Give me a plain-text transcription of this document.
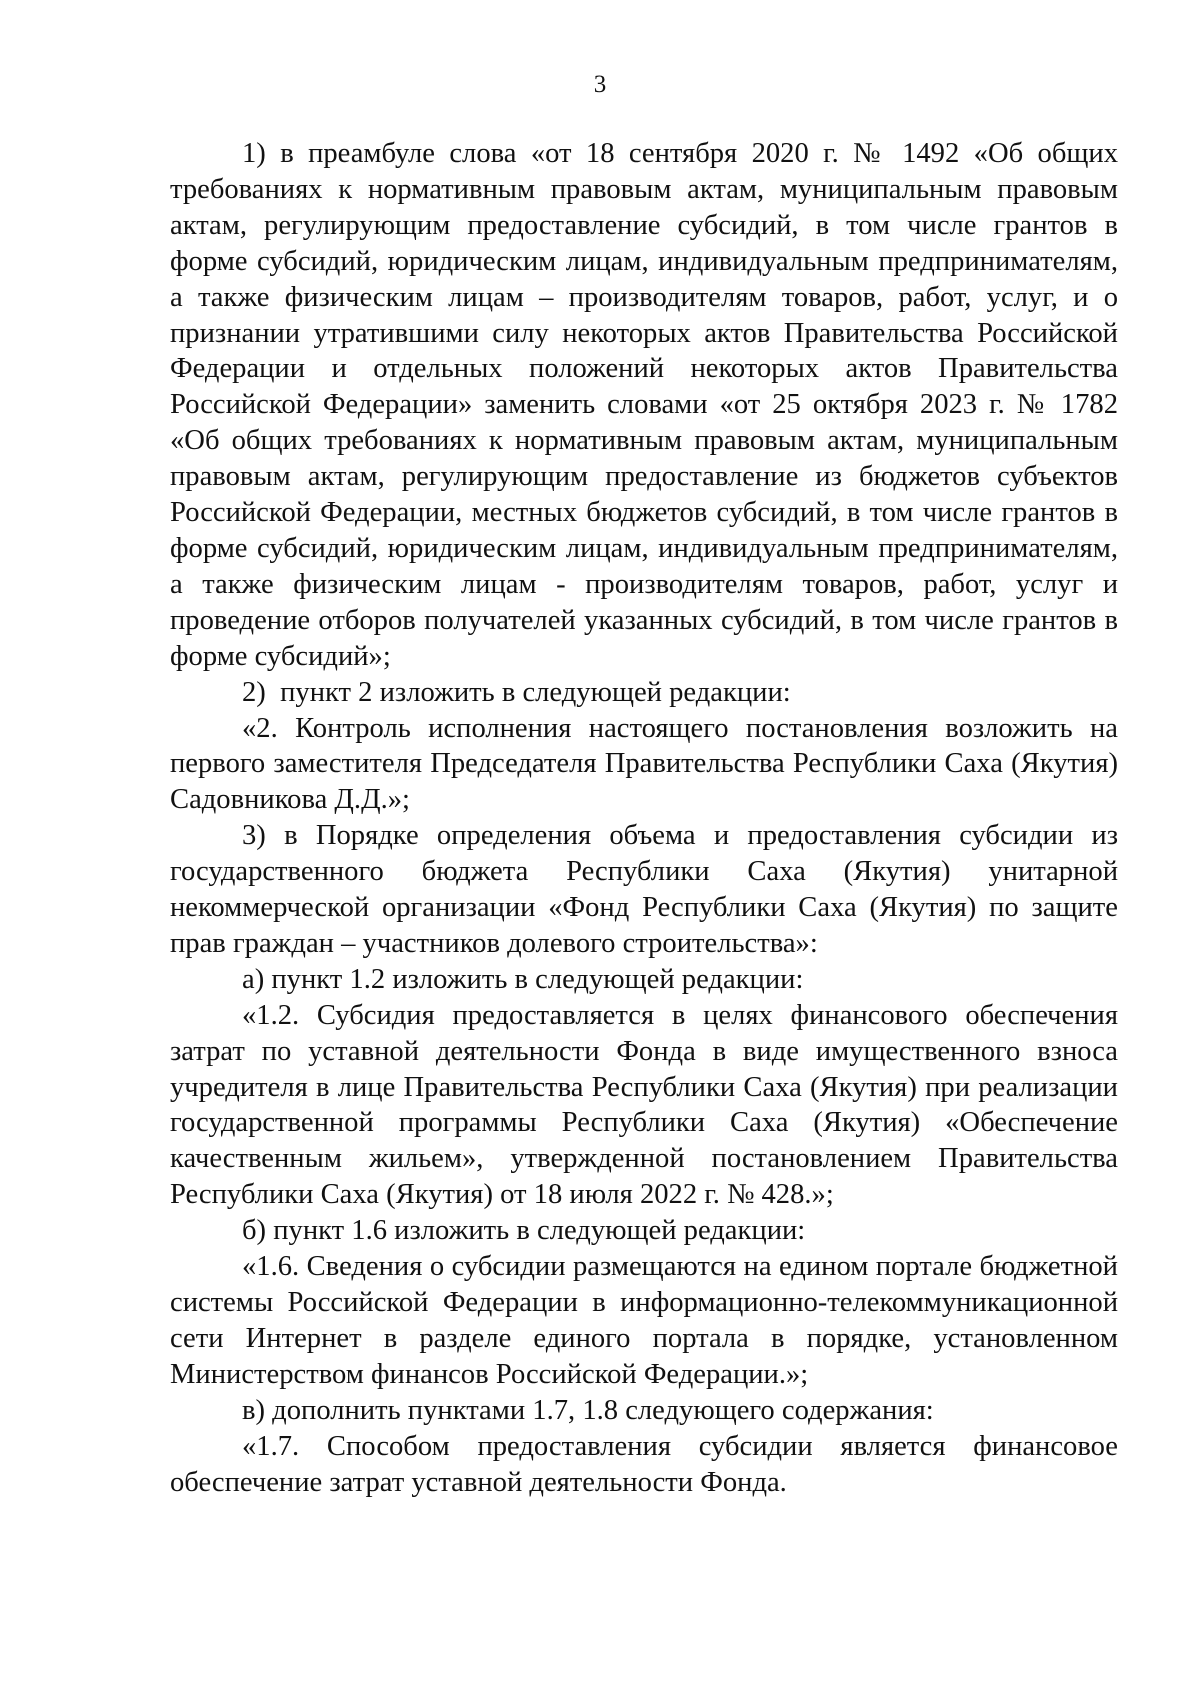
3

1) в преамбуле слова «от 18 сентября 2020 г. № 1492 «Об общих требованиях к нормативным правовым актам, муниципальным правовым актам, регулирующим предоставление субсидий, в том числе грантов в форме субсидий, юридическим лицам, индивидуальным предпринимателям, а также физическим лицам – производителям товаров, работ, услуг, и о признании утратившими силу некоторых актов Правительства Российской Федерации и отдельных положений некоторых актов Правительства Российской Федерации» заменить словами «от 25 октября 2023 г. № 1782 «Об общих требованиях к нормативным правовым актам, муниципальным правовым актам, регулирующим предоставление из бюджетов субъектов Российской Федерации, местных бюджетов субсидий, в том числе грантов в форме субсидий, юридическим лицам, индивидуальным предпринимателям, а также физическим лицам - производителям товаров, работ, услуг и проведение отборов получателей указанных субсидий, в том числе грантов в форме субсидий»;

2)  пункт 2 изложить в следующей редакции:

«2. Контроль исполнения настоящего постановления возложить на первого заместителя Председателя Правительства Республики Саха (Якутия) Садовникова Д.Д.»;

3) в Порядке определения объема и предоставления субсидии из государственного бюджета Республики Саха (Якутия) унитарной некоммерческой организации «Фонд Республики Саха (Якутия) по защите прав граждан – участников долевого строительства»:

а) пункт 1.2 изложить в следующей редакции:

«1.2. Субсидия предоставляется в целях финансового обеспечения затрат по уставной деятельности Фонда в виде имущественного взноса учредителя в лице Правительства Республики Саха (Якутия) при реализации государственной программы Республики Саха (Якутия) «Обеспечение качественным жильем», утвержденной постановлением Правительства Республики Саха (Якутия) от 18 июля 2022 г. № 428.»;

б) пункт 1.6 изложить в следующей редакции:

«1.6. Сведения о субсидии размещаются на едином портале бюджетной системы Российской Федерации в информационно-телекоммуникационной сети Интернет в разделе единого портала в порядке, установленном Министерством финансов Российской Федерации.»;

в) дополнить пунктами 1.7, 1.8 следующего содержания:

«1.7. Способом предоставления субсидии является финансовое обеспечение затрат уставной деятельности Фонда.
